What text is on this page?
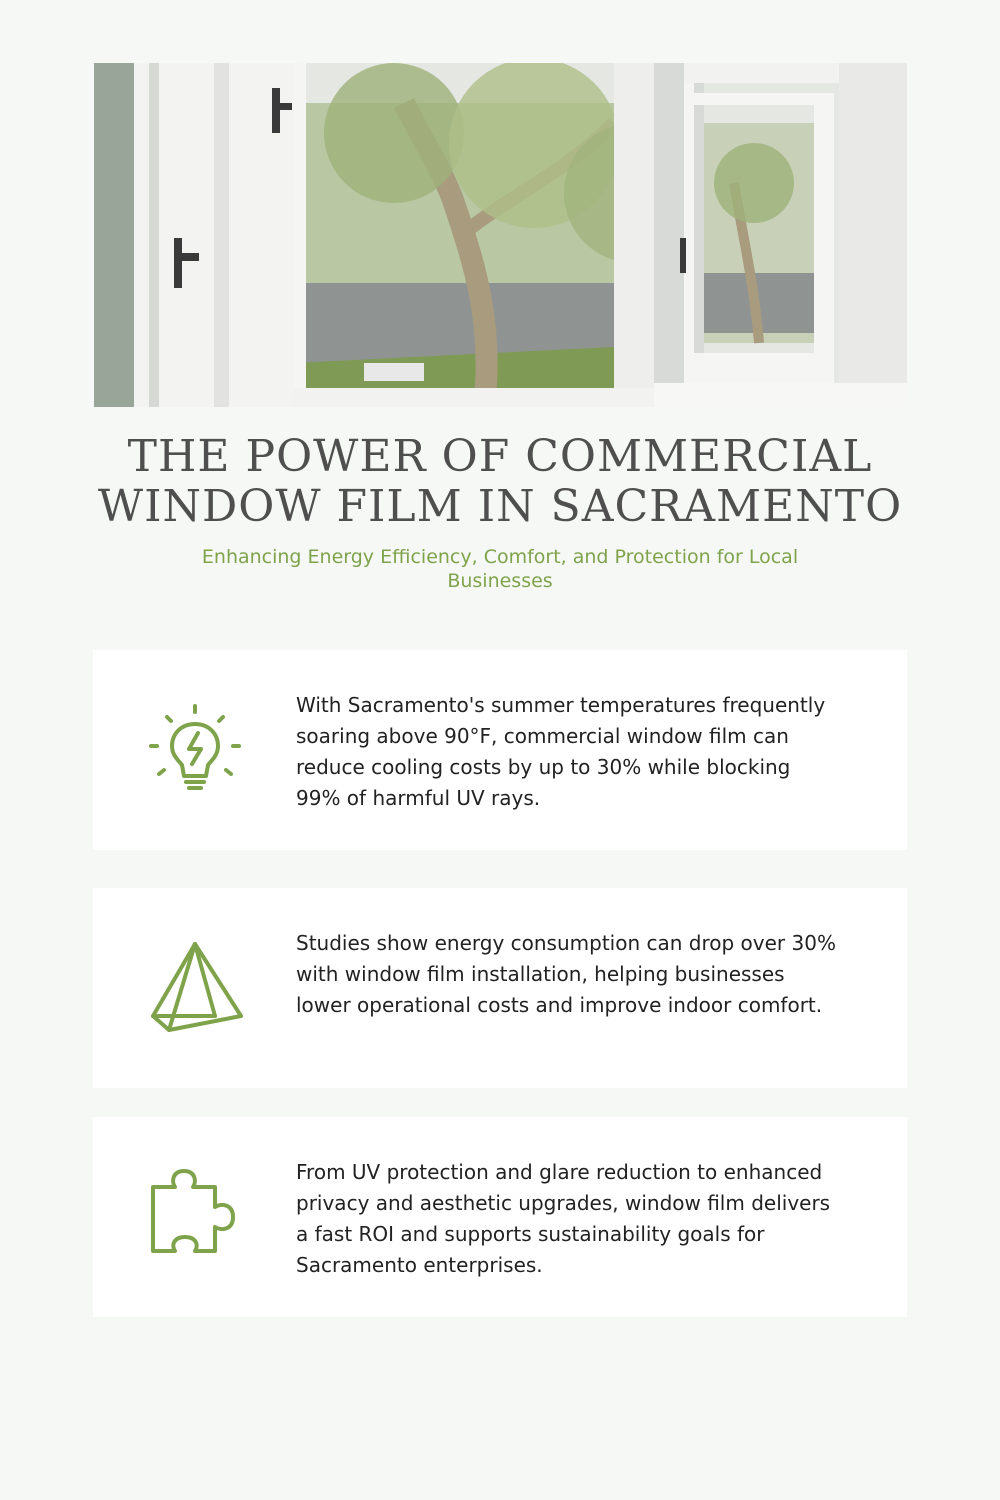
THE POWER OF COMMERCIAL WINDOW FILM IN SACRAMENTO
Enhancing Energy Efficiency, Comfort, and Protection for Local Businesses
With Sacramento's summer temperatures frequently soaring above 90°F, commercial window film can reduce cooling costs by up to 30% while blocking 99% of harmful UV rays.
Studies show energy consumption can drop over 30% with window film installation, helping businesses lower operational costs and improve indoor comfort.
From UV protection and glare reduction to enhanced privacy and aesthetic upgrades, window film delivers a fast ROI and supports sustainability goals for Sacramento enterprises.
